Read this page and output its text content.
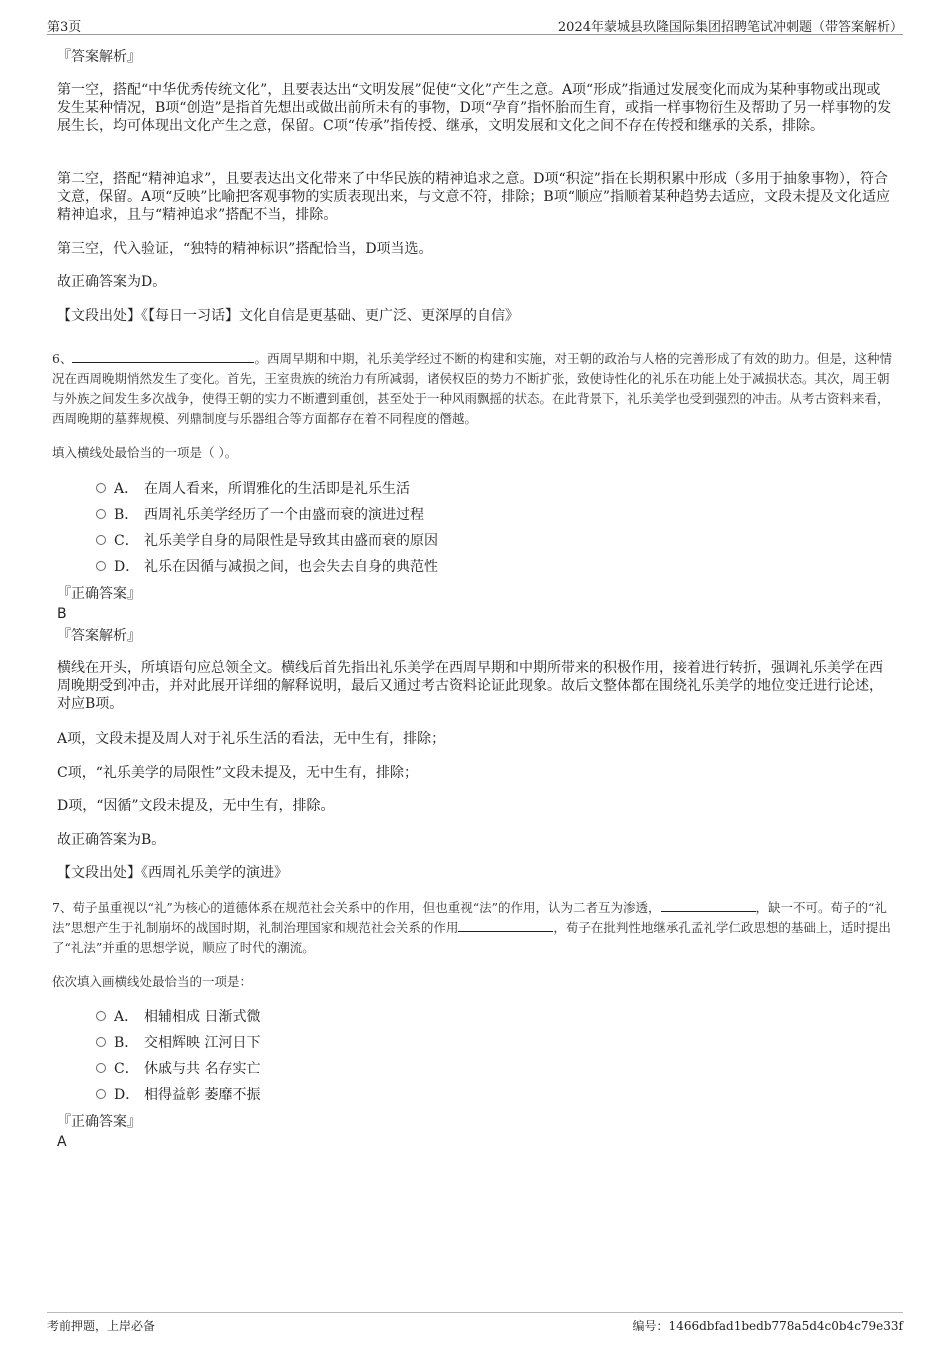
第3页	2024年蒙城县玖隆国际集团招聘笔试冲刺题（带答案解析）
『答案解析』
第一空，搭配“中华优秀传统文化”，且要表达出“文明发展”促使“文化”产生之意。A项“形成”指通过发展变化而成为某种事物或出现或发生某种情况，B项“创造”是指首先想出或做出前所未有的事物，D项“孕育”指怀胎而生育，或指一样事物衍生及帮助了另一样事物的发展生长，均可体现出文化产生之意，保留。C项“传承”指传授、继承，文明发展和文化之间不存在传授和继承的关系，排除。
第二空，搭配“精神追求”，且要表达出文化带来了中华民族的精神追求之意。D项“积淀”指在长期积累中形成（多用于抽象事物），符合文意，保留。A项“反映”比喻把客观事物的实质表现出来，与文意不符，排除；B项“顺应”指顺着某种趋势去适应，文段未提及文化适应精神追求，且与“精神追求”搭配不当，排除。
第三空，代入验证，“独特的精神标识”搭配恰当，D项当选。
故正确答案为D。
【文段出处】《【每日一习话】文化自信是更基础、更广泛、更深厚的自信》
6、	。西周早期和中期，礼乐美学经过不断的构建和实施，对王朝的政治与人格的完善形成了有效的助力。但是，这种情况在西周晚期悄然发生了变化。首先，王室贵族的统治力有所减弱，诸侯权臣的势力不断扩张，致使诗性化的礼乐在功能上处于减损状态。其次，周王朝与外族之间发生多次战争，使得王朝的实力不断遭到重创，甚至处于一种风雨飘摇的状态。在此背景下，礼乐美学也受到强烈的冲击。从考古资料来看，西周晚期的墓葬规模、列鼎制度与乐器组合等方面都存在着不同程度的僭越。
填入横线处最恰当的一项是（ ）。
A． 在周人看来，所谓雅化的生活即是礼乐生活
B． 西周礼乐美学经历了一个由盛而衰的演进过程
C． 礼乐美学自身的局限性是导致其由盛而衰的原因
D． 礼乐在因循与减损之间，也会失去自身的典范性
『正确答案』
B
『答案解析』
横线在开头，所填语句应总领全文。横线后首先指出礼乐美学在西周早期和中期所带来的积极作用，接着进行转折，强调礼乐美学在西周晚期受到冲击，并对此展开详细的解释说明，最后又通过考古资料论证此现象。故后文整体都在围绕礼乐美学的地位变迁进行论述，对应B项。
A项，文段未提及周人对于礼乐生活的看法，无中生有，排除；
C项，“礼乐美学的局限性”文段未提及，无中生有，排除；
D项，“因循”文段未提及，无中生有，排除。
故正确答案为B。
【文段出处】《西周礼乐美学的演进》
7、荀子虽重视以“礼”为核心的道德体系在规范社会关系中的作用，但也重视“法”的作用，认为二者互为渗透，	，缺一不可。荀子的“礼法”思想产生于礼制崩坏的战国时期，礼制治理国家和规范社会关系的作用	，荀子在批判性地继承孔孟礼学仁政思想的基础上，适时提出了“礼法”并重的思想学说，顺应了时代的潮流。
依次填入画横线处最恰当的一项是：
A． 相辅相成 日渐式微
B． 交相辉映 江河日下
C． 休戚与共 名存实亡
D． 相得益彰 萎靡不振
『正确答案』
A
考前押题，上岸必备	编号：1466dbfad1bedb778a5d4c0b4c79e33f
